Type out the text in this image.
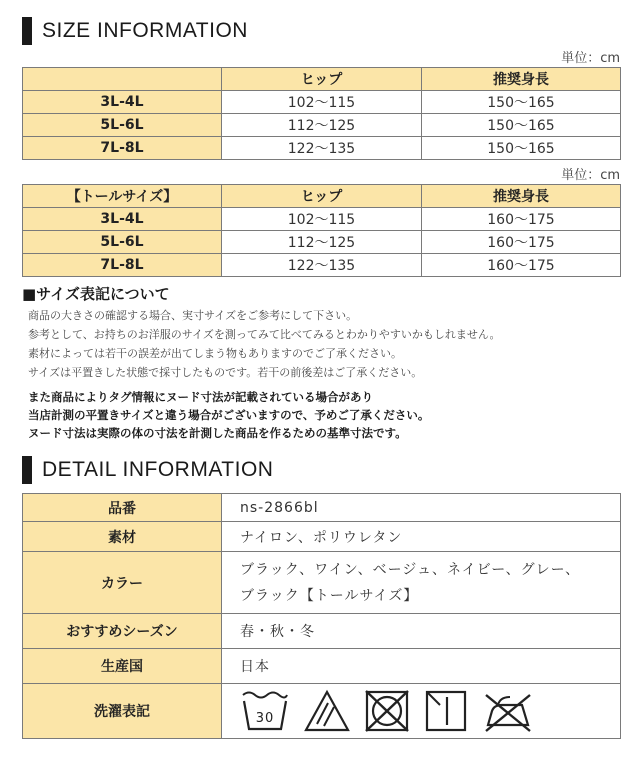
SIZE INFORMATION
単位：cm
	ヒップ	推奨身長
3L-4L	102〜115	150〜165
5L-6L	112〜125	150〜165
7L-8L	122〜135	150〜165
単位：cm
【トールサイズ】	ヒップ	推奨身長
3L-4L	102〜115	160〜175
5L-6L	112〜125	160〜175
7L-8L	122〜135	160〜175
■サイズ表記について
商品の大きさの確認する場合、実寸サイズをご参考にして下さい。
参考として、お持ちのお洋服のサイズを測ってみて比べてみるとわかりやすいかもしれません。
素材によっては若干の誤差が出てしまう物もありますのでご了承ください。
サイズは平置きした状態で採寸したものです。若干の前後差はご了承ください。
また商品によりタグ情報にヌード寸法が記載されている場合があり
当店計測の平置きサイズと違う場合がございますので、予めご了承ください。
ヌード寸法は実際の体の寸法を計測した商品を作るための基準寸法です。
DETAIL INFORMATION
品番	ns-2866bl
素材	ナイロン、ポリウレタン
カラー	ブラック、ワイン、ベージュ、ネイビー、グレー、
ブラック【トールサイズ】

おすすめシーズン	春・秋・冬
生産国	日本
洗濯表記	30
